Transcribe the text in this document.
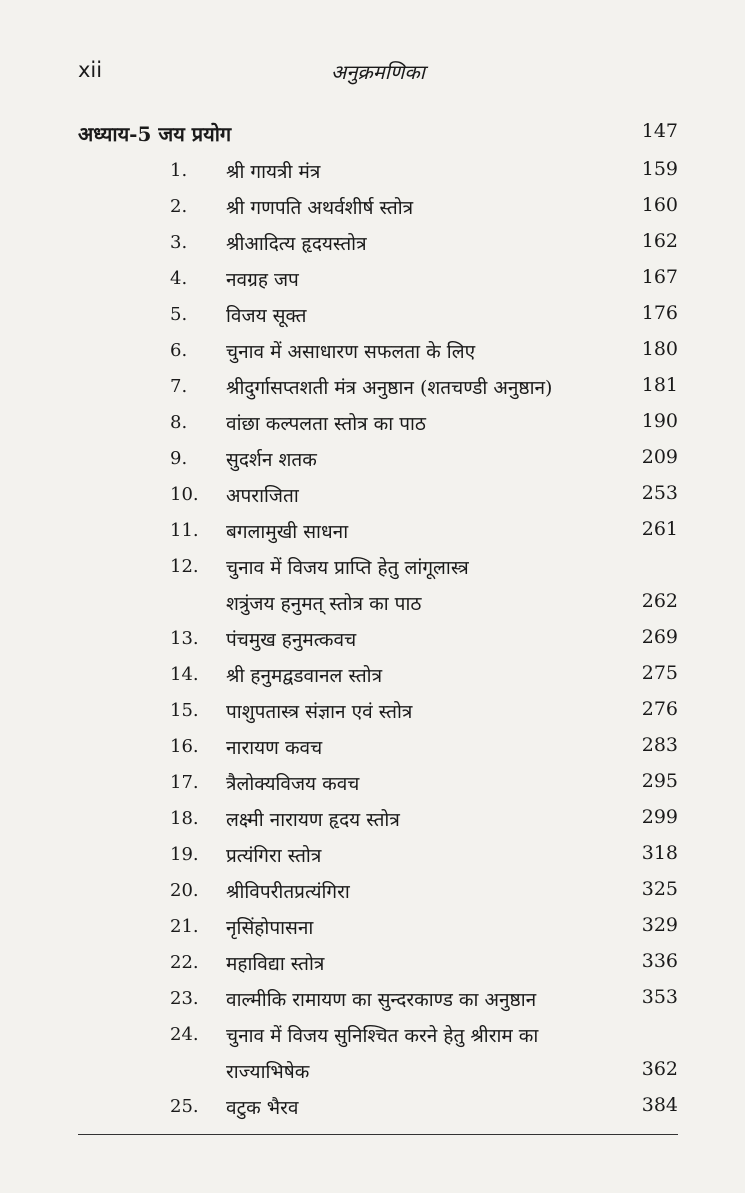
xii	अनुक्रमणिका
अध्याय-5 जय प्रयोग	147
1.	श्री गायत्री मंत्र	159
2.	श्री गणपति अथर्वशीर्ष स्तोत्र	160
3.	श्रीआदित्य हृदयस्तोत्र	162
4.	नवग्रह जप	167
5.	विजय सूक्त	176
6.	चुनाव में असाधारण सफलता के लिए	180
7.	श्रीदुर्गासप्तशती मंत्र अनुष्ठान (शतचण्डी अनुष्ठान)	181
8.	वांछा कल्पलता स्तोत्र का पाठ	190
9.	सुदर्शन शतक	209
10.	अपराजिता	253
11.	बगलामुखी साधना	261
12.	चुनाव में विजय प्राप्ति हेतु लांगूलास्त्र
शत्रुंजय हनुमत् स्तोत्र का पाठ	262
13.	पंचमुख हनुमत्कवच	269
14.	श्री हनुमद्वडवानल स्तोत्र	275
15.	पाशुपतास्त्र संज्ञान एवं स्तोत्र	276
16.	नारायण कवच	283
17.	त्रैलोक्यविजय कवच	295
18.	लक्ष्मी नारायण हृदय स्तोत्र	299
19.	प्रत्यंगिरा स्तोत्र	318
20.	श्रीविपरीतप्रत्यंगिरा	325
21.	नृसिंहोपासना	329
22.	महाविद्या स्तोत्र	336
23.	वाल्मीकि रामायण का सुन्दरकाण्ड का अनुष्ठान	353
24.	चुनाव में विजय सुनिश्चित करने हेतु श्रीराम का
राज्याभिषेक	362
25.	वटुक भैरव	384
